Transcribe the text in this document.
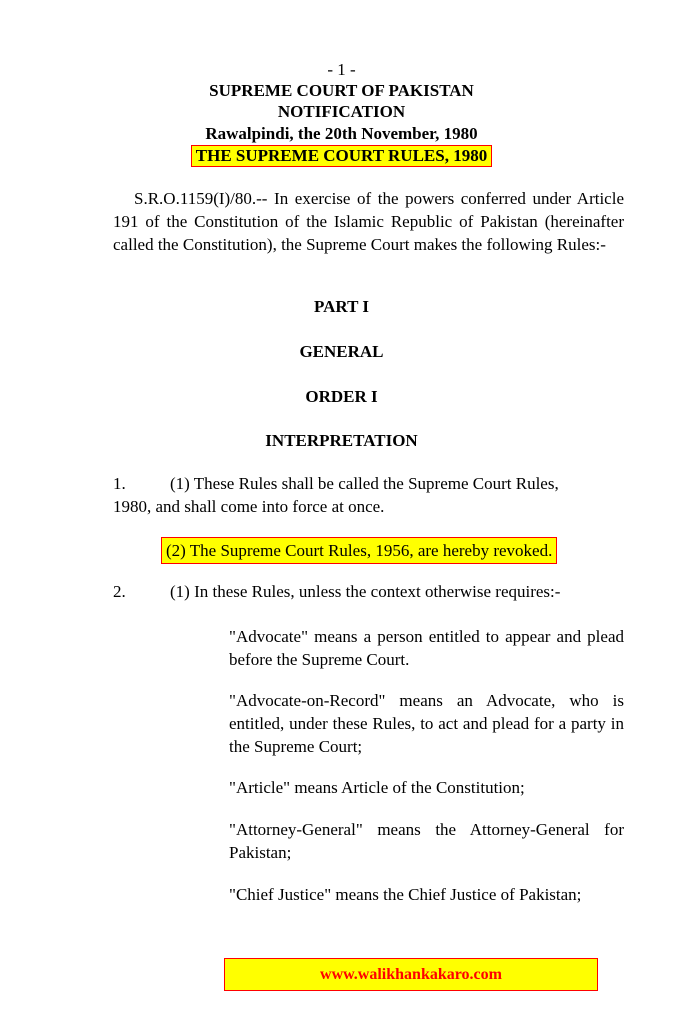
- 1 -
SUPREME COURT OF PAKISTAN
NOTIFICATION
Rawalpindi, the 20th November, 1980
THE SUPREME COURT RULES, 1980
S.R.O.1159(I)/80.-- In exercise of the powers conferred under Article 191 of the Constitution of the Islamic Republic of Pakistan (hereinafter called the Constitution), the Supreme Court makes the following Rules:-
PART I
GENERAL
ORDER I
INTERPRETATION
1.	(1) These Rules shall be called the Supreme Court Rules,
1980, and shall come into force at once.
(2) The Supreme Court Rules, 1956, are hereby revoked.
2.	(1) In these Rules, unless the context otherwise requires:-
"Advocate" means a person entitled to appear and plead before the Supreme Court.
"Advocate-on-Record" means an Advocate, who is entitled, under these Rules, to act and plead for a party in the Supreme Court;
"Article" means Article of the Constitution;
"Attorney-General" means the Attorney-General for Pakistan;
"Chief Justice" means the Chief Justice of Pakistan;
www.walikhankakaro.com
